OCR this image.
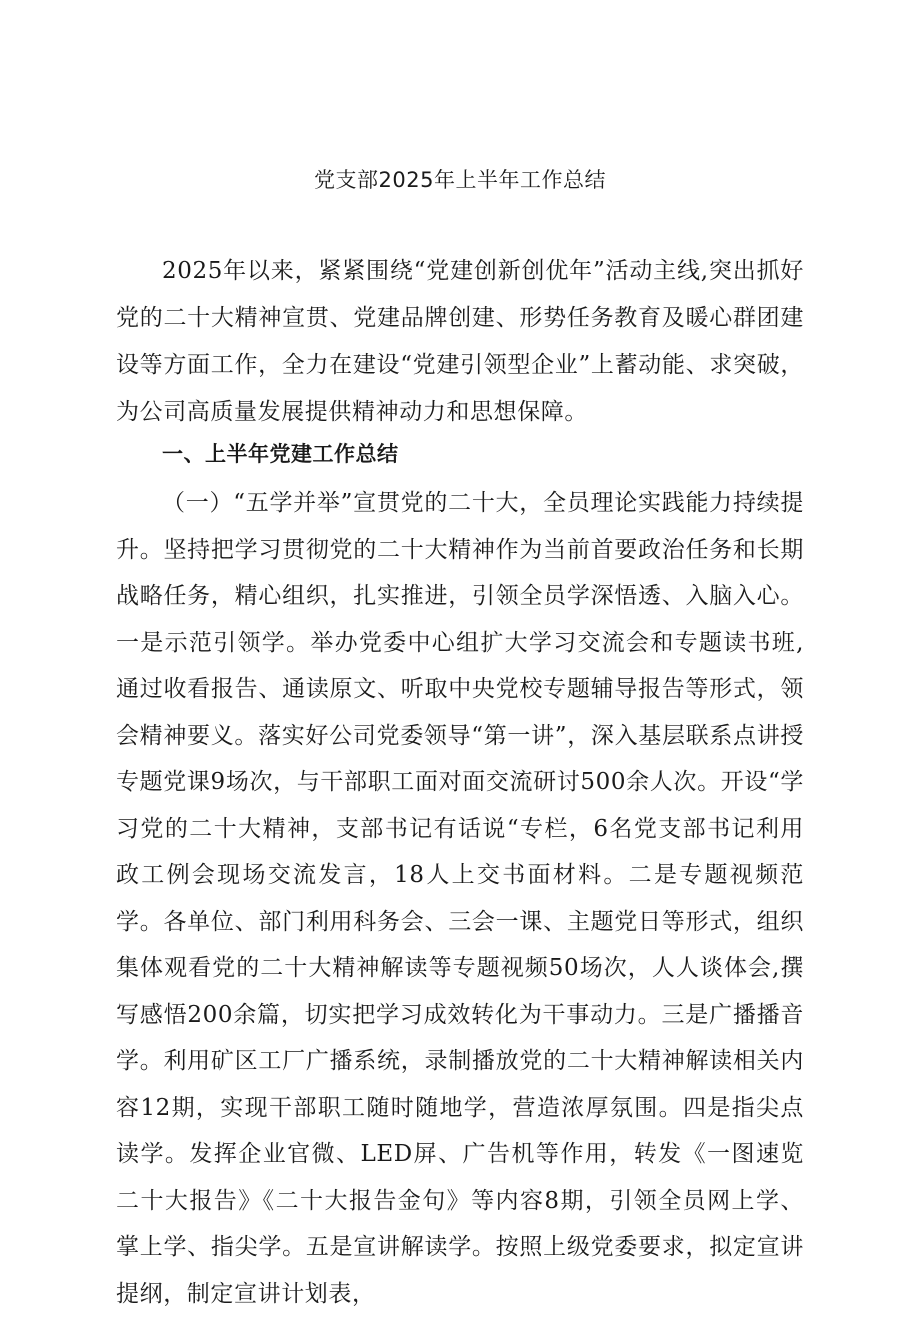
党支部2025年上半年工作总结

2025年以来，紧紧围绕“党建创新创优年”活动主线,突出抓好党的二十大精神宣贯、党建品牌创建、形势任务教育及暖心群团建设等方面工作，全力在建设“党建引领型企业”上蓄动能、求突破，为公司高质量发展提供精神动力和思想保障。

一、上半年党建工作总结

（一）“五学并举”宣贯党的二十大，全员理论实践能力持续提升。坚持把学习贯彻党的二十大精神作为当前首要政治任务和长期战略任务，精心组织，扎实推进，引领全员学深悟透、入脑入心。一是示范引领学。举办党委中心组扩大学习交流会和专题读书班,通过收看报告、通读原文、听取中央党校专题辅导报告等形式，领会精神要义。落实好公司党委领导“第一讲”，深入基层联系点讲授专题党课9场次，与干部职工面对面交流研讨500余人次。开设“学习党的二十大精神，支部书记有话说“专栏，6名党支部书记利用政工例会现场交流发言，18人上交书面材料。二是专题视频范学。各单位、部门利用科务会、三会一课、主题党日等形式，组织集体观看党的二十大精神解读等专题视频50场次，人人谈体会,撰写感悟200余篇，切实把学习成效转化为干事动力。三是广播播音学。利用矿区工厂广播系统，录制播放党的二十大精神解读相关内容12期，实现干部职工随时随地学，营造浓厚氛围。四是指尖点读学。发挥企业官微、LED屏、广告机等作用，转发《一图速览二十大报告》《二十大报告金句》等内容8期，引领全员网上学、掌上学、指尖学。五是宣讲解读学。按照上级党委要求，拟定宣讲提纲，制定宣讲计划表，
